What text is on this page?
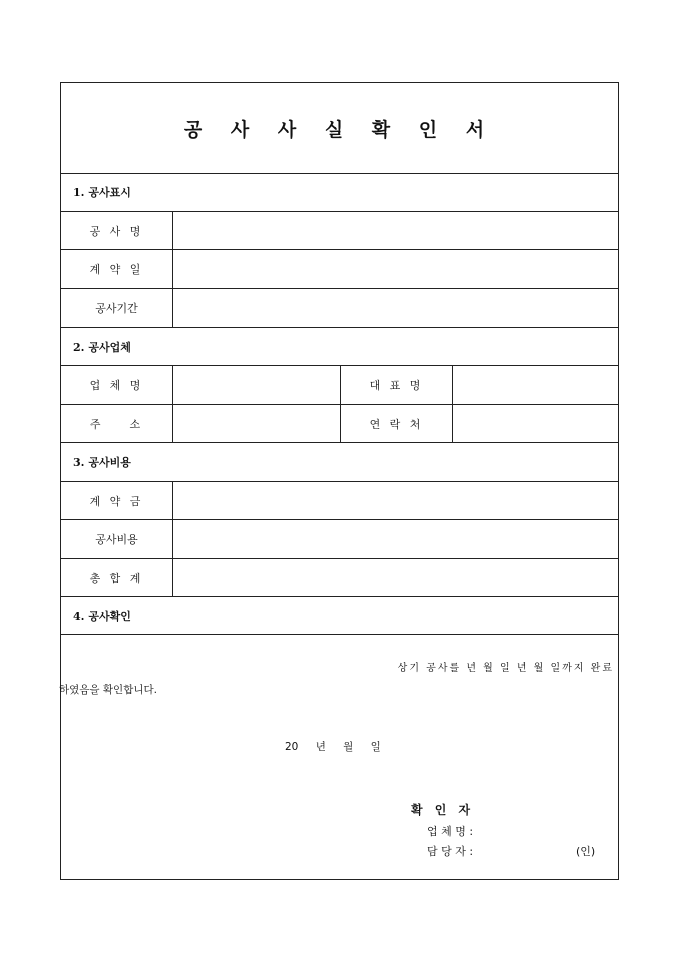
공 사 사 실 확 인 서
1. 공사표시
공 사 명
계 약 일
공사기간
2. 공사업체
업 체 명	대 표 명
주    소	연 락 처
3. 공사비용
계 약 금
공사비용
총 합 계
4. 공사확인
상기 공사를 년 월 일 년 월 일까지 완료
하였음을 확인합니다.
20 년 월 일
확 인 자
업 체 명 :
담 당 자 :	(인)
